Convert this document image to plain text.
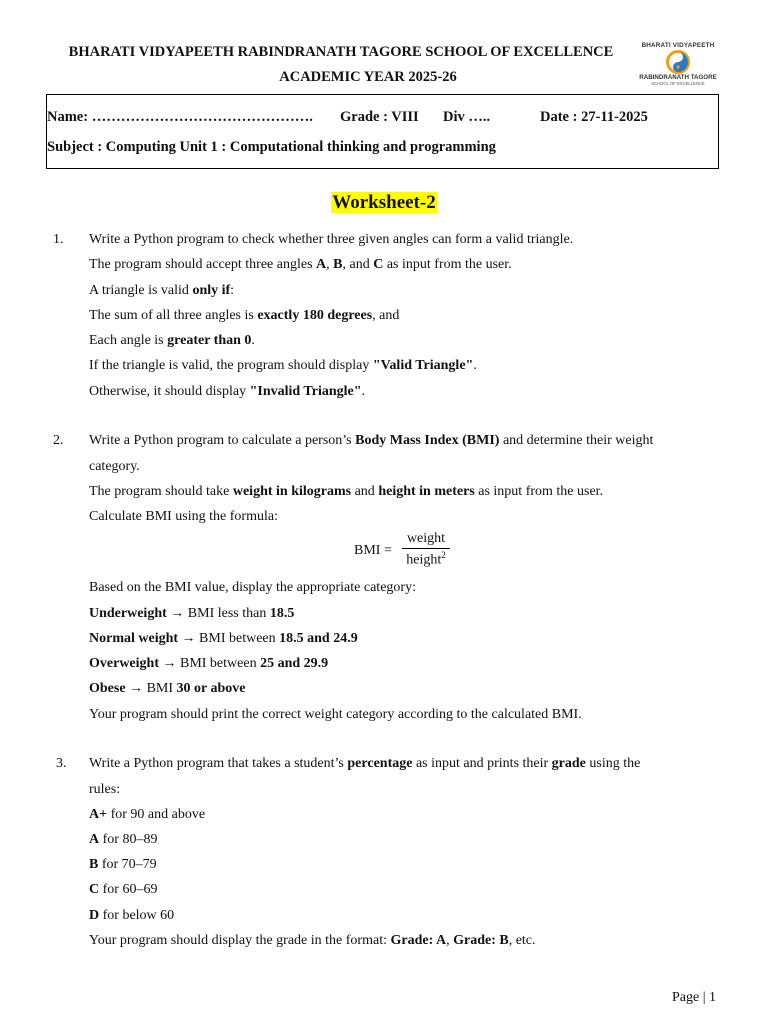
BHARATI VIDYAPEETH RABINDRANATH TAGORE SCHOOL OF EXCELLENCE
ACADEMIC YEAR 2025-26
BHARATI VIDYAPEETH
RABINDRANATH TAGORE
SCHOOL OF EXCELLENCE
Name: ………………………………………. Grade : VIII Div …..	Date : 27-11-2025
Subject : Computing Unit 1 : Computational thinking and programming
Worksheet-2
1. Write a Python program to check whether three given angles can form a valid triangle.
The program should accept three angles A, B, and C as input from the user.
A triangle is valid only if:
The sum of all three angles is exactly 180 degrees, and
Each angle is greater than 0.
If the triangle is valid, the program should display "Valid Triangle".
Otherwise, it should display "Invalid Triangle".
2. Write a Python program to calculate a person’s Body Mass Index (BMI) and determine their weight
category.
The program should take weight in kilograms and height in meters as input from the user.
Calculate BMI using the formula:
Based on the BMI value, display the appropriate category:
Underweight → BMI less than 18.5
Normal weight → BMI between 18.5 and 24.9
Overweight → BMI between 25 and 29.9
Obese → BMI 30 or above
Your program should print the correct weight category according to the calculated BMI.
BMI =
weight
height$^2$
3. Write a Python program that takes a student’s percentage as input and prints their grade using the
rules:
A+ for 90 and above
A for 80–89
B for 70–79
C for 60–69
D for below 60
Your program should display the grade in the format: Grade: A, Grade: B, etc.
Page | 1
